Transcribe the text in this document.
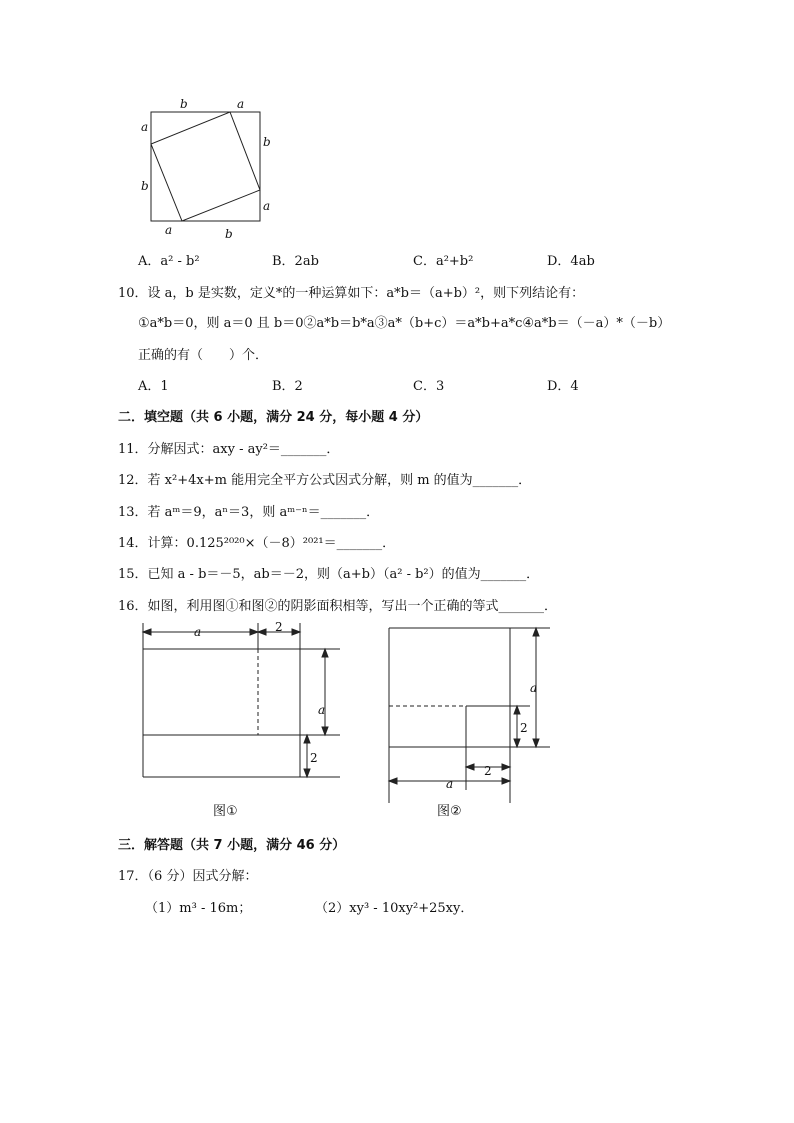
b	a
a
b
b
a
a	b
a	2
a
2
图①
a
2
2
a
图②
A．a² - b²	B．2ab	C．a²+b²	D．4ab
10．设 a，b 是实数，定义*的一种运算如下：a*b＝（a+b）²，则下列结论有：
①a*b＝0，则 a＝0 且 b＝0②a*b＝b*a③a*（b+c）＝a*b+a*c④a*b＝（－a）*（－b）
正确的有（　　）个．
A．1	B．2	C．3	D．4
二．填空题（共 6 小题，满分 24 分，每小题 4 分）
11．分解因式：axy - ay²＝_______．
12．若 x²+4x+m 能用完全平方公式因式分解，则 m 的值为_______．
13．若 aᵐ＝9，aⁿ＝3，则 aᵐ⁻ⁿ＝_______．
14．计算：0.125²⁰²⁰×（－8）²⁰²¹＝_______．
15．已知 a - b＝－5，ab＝－2，则（a+b）（a² - b²）的值为_______．
16．如图，利用图①和图②的阴影面积相等，写出一个正确的等式_______．
三．解答题（共 7 小题，满分 46 分）
17．（6 分）因式分解：
（1）m³ - 16m；	（2）xy³ - 10xy²+25xy．
